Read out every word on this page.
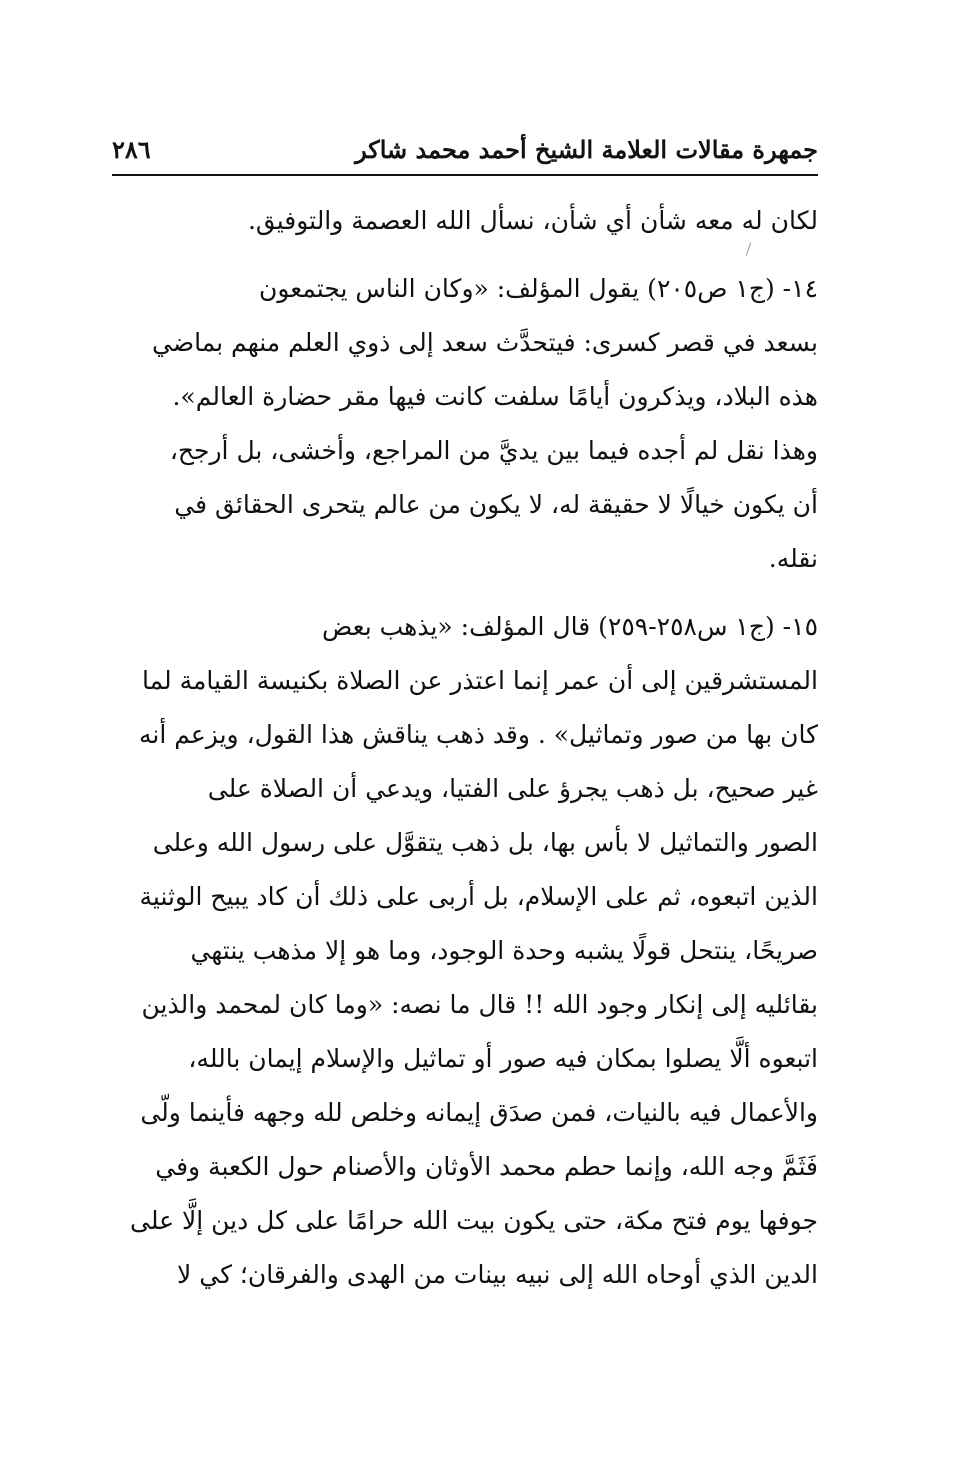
جمهرة مقالات العلامة الشيخ أحمد محمد شاكر
٢٨٦

لكان له معه شأن أي شأن، نسأل الله العصمة والتوفيق.

١٤- (ج١ ص٢٠٥) يقول المؤلف: «وكان الناس يجتمعون
بسعد في قصر كسرى: فيتحدَّث سعد إلى ذوي العلم منهم بماضي
هذه البلاد، ويذكرون أيامًا سلفت كانت فيها مقر حضارة العالم».
وهذا نقل لم أجده فيما بين يديَّ من المراجع، وأخشى، بل أرجح،
أن يكون خيالًا لا حقيقة له، لا يكون من عالم يتحرى الحقائق في
نقله.

١٥- (ج١ س٢٥٨-٢٥٩) قال المؤلف: «يذهب بعض
المستشرقين إلى أن عمر إنما اعتذر عن الصلاة بكنيسة القيامة لما
كان بها من صور وتماثيل» . وقد ذهب يناقش هذا القول، ويزعم أنه
غير صحيح، بل ذهب يجرؤ على الفتيا، ويدعي أن الصلاة على
الصور والتماثيل لا بأس بها، بل ذهب يتقوَّل على رسول الله وعلى
الذين اتبعوه، ثم على الإسلام، بل أربى على ذلك أن كاد يبيح الوثنية
صريحًا، ينتحل قولًا يشبه وحدة الوجود، وما هو إلا مذهب ينتهي
بقائليه إلى إنكار وجود الله !! قال ما نصه: «وما كان لمحمد والذين
اتبعوه ألَّا يصلوا بمكان فيه صور أو تماثيل والإسلام إيمان بالله،
والأعمال فيه بالنيات، فمن صدَق إيمانه وخلص لله وجهه فأينما ولّى
فَثَمَّ وجه الله، وإنما حطم محمد الأوثان والأصنام حول الكعبة وفي
جوفها يوم فتح مكة، حتى يكون بيت الله حرامًا على كل دين إلَّا على
الدين الذي أوحاه الله إلى نبيه بينات من الهدى والفرقان؛ كي لا
